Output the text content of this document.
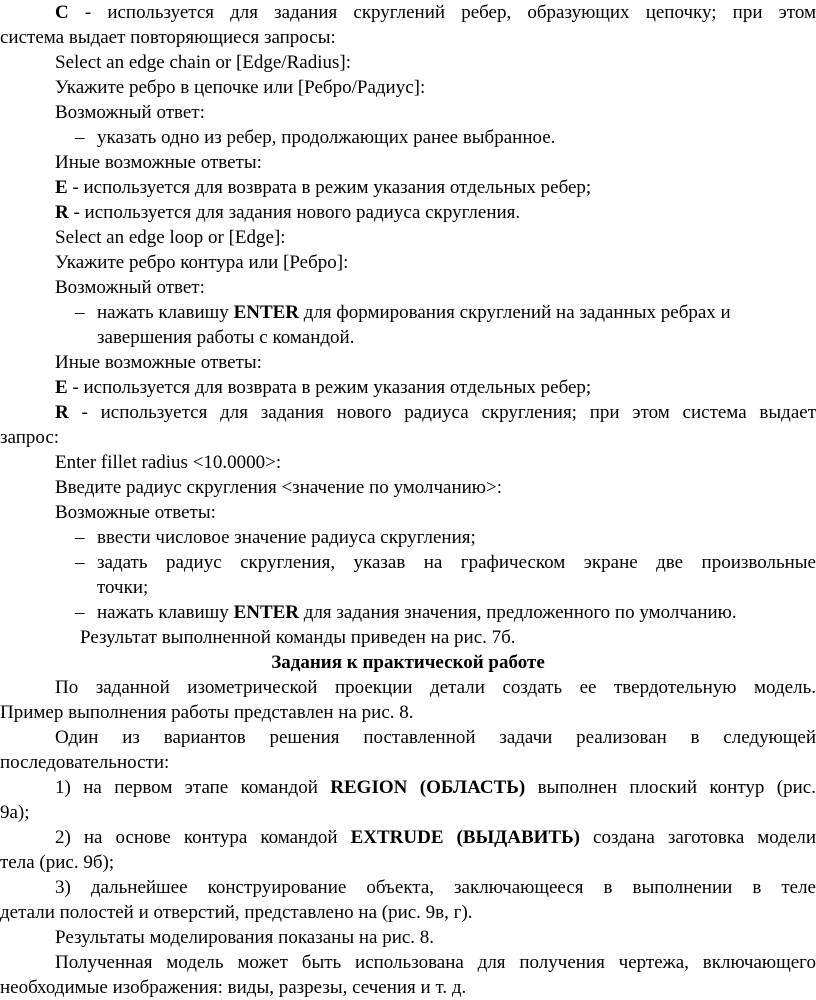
C - используется для задания скруглений ребер, образующих цепочку; при этом
система выдает повторяющиеся запросы:
Select an edge chain or [Edge/Radius]:
Укажите ребро в цепочке или [Ребро/Радиус]:
Возможный ответ:
– указать одно из ребер, продолжающих ранее выбранное.
Иные возможные ответы:
E - используется для возврата в режим указания отдельных ребер;
R - используется для задания нового радиуса скругления.
Select an edge loop or [Edge]:
Укажите ребро контура или [Ребро]:
Возможный ответ:
– нажать клавишу ENTER для формирования скруглений на заданных ребрах и
завершения работы с командой.
Иные возможные ответы:
E - используется для возврата в режим указания отдельных ребер;
R - используется для задания нового радиуса скругления; при этом система выдает
запрос:
Enter fillet radius <10.0000>:
Введите радиус скругления <значение по умолчанию>:
Возможные ответы:
– ввести числовое значение радиуса скругления;
– задать радиус скругления, указав на графическом экране две произвольные
точки;
– нажать клавишу ENTER для задания значения, предложенного по умолчанию.
Результат выполненной команды приведен на рис. 7б.
Задания к практической работе
По заданной изометрической проекции детали создать ее твердотельную модель.
Пример выполнения работы представлен на рис. 8.
Один из вариантов решения поставленной задачи реализован в следующей
последовательности:
1) на первом этапе командой REGION (ОБЛАСТЬ) выполнен плоский контур (рис.
9а);
2) на основе контура командой EXTRUDE (ВЫДАВИТЬ) создана заготовка модели
тела (рис. 9б);
3) дальнейшее конструирование объекта, заключающееся в выполнении в теле
детали полостей и отверстий, представлено на (рис. 9в, г).
Результаты моделирования показаны на рис. 8.
Полученная модель может быть использована для получения чертежа, включающего
необходимые изображения: виды, разрезы, сечения и т. д.
